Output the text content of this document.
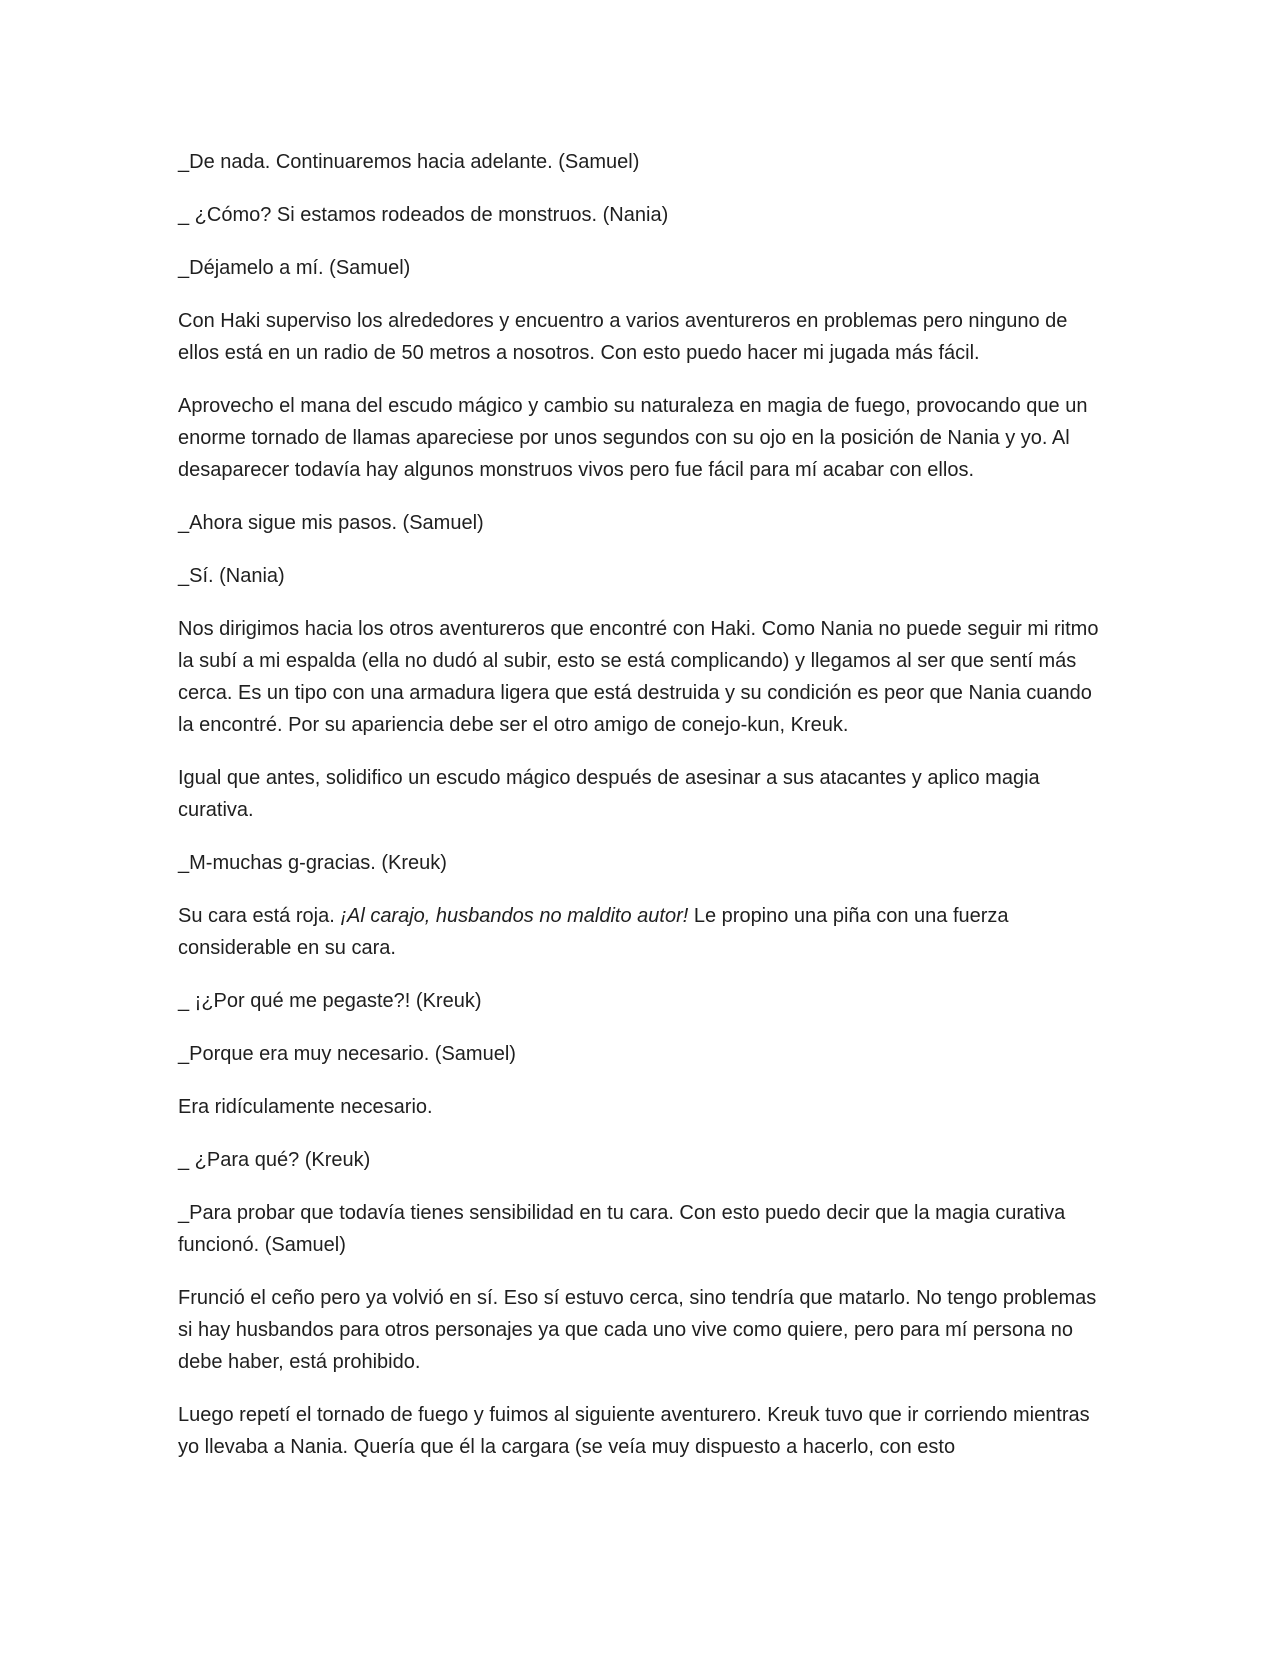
_De nada. Continuaremos hacia adelante. (Samuel)

_ ¿Cómo? Si estamos rodeados de monstruos. (Nania)

_Déjamelo a mí. (Samuel)

Con Haki superviso los alrededores y encuentro a varios aventureros en problemas pero ninguno de ellos está en un radio de 50 metros a nosotros. Con esto puedo hacer mi jugada más fácil.

Aprovecho el mana del escudo mágico y cambio su naturaleza en magia de fuego, provocando que un enorme tornado de llamas apareciese por unos segundos con su ojo en la posición de Nania y yo. Al desaparecer todavía hay algunos monstruos vivos pero fue fácil para mí acabar con ellos.

_Ahora sigue mis pasos. (Samuel)

_Sí. (Nania)

Nos dirigimos hacia los otros aventureros que encontré con Haki. Como Nania no puede seguir mi ritmo la subí a mi espalda (ella no dudó al subir, esto se está complicando) y llegamos al ser que sentí más cerca. Es un tipo con una armadura ligera que está destruida y su condición es peor que Nania cuando la encontré. Por su apariencia debe ser el otro amigo de conejo-kun, Kreuk.

Igual que antes, solidifico un escudo mágico después de asesinar a sus atacantes y aplico magia curativa.

_M-muchas g-gracias. (Kreuk)

Su cara está roja. ¡Al carajo, husbandos no maldito autor! Le propino una piña con una fuerza considerable en su cara.

_ ¡¿Por qué me pegaste?! (Kreuk)

_Porque era muy necesario. (Samuel)

Era ridículamente necesario.

_ ¿Para qué? (Kreuk)

_Para probar que todavía tienes sensibilidad en tu cara. Con esto puedo decir que la magia curativa funcionó. (Samuel)

Frunció el ceño pero ya volvió en sí. Eso sí estuvo cerca, sino tendría que matarlo. No tengo problemas si hay husbandos para otros personajes ya que cada uno vive como quiere, pero para mí persona no debe haber, está prohibido.

Luego repetí el tornado de fuego y fuimos al siguiente aventurero. Kreuk tuvo que ir corriendo mientras yo llevaba a Nania. Quería que él la cargara (se veía muy dispuesto a hacerlo, con esto
